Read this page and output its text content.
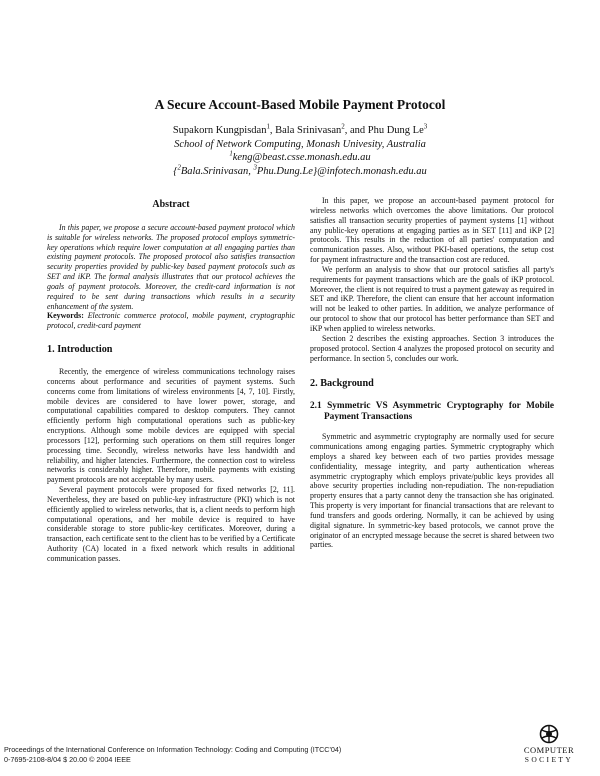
A Secure Account-Based Mobile Payment Protocol
Supakorn Kungpisdan$^1$, Bala Srinivasan$^2$, and Phu Dung Le$^3$
School of Network Computing, Monash Univesity, Australia
$^1$keng@beast.csse.monash.edu.au
{$^2$Bala.Srinivasan, $^3$Phu.Dung.Le}@infotech.monash.edu.au
Abstract

In this paper, we propose a secure account-based payment protocol which is suitable for wireless networks. The proposed protocol employs symmetric-key operations which require lower computation at all engaging parties than existing payment protocols. The proposed protocol also satisfies transaction security properties provided by public-key based payment protocols such as SET and iKP. The formal analysis illustrates that our protocol achieves the goals of payment protocols. Moreover, the credit-card information is not required to be sent during transactions which results in a security enhancement of the system.

Keywords: Electronic commerce protocol, mobile payment, cryptographic protocol, credit-card payment

1. Introduction

Recently, the emergence of wireless communications technology raises concerns about performance and securities of payment systems. Such concerns come from limitations of wireless environments [4, 7, 10]. Firstly, mobile devices are considered to have lower power, storage, and computational capabilities compared to desktop computers. They cannot efficiently perform high computational operations such as public-key encryptions. Although some mobile devices are equipped with special processors [12], performing such operations on them still requires longer processing time. Secondly, wireless networks have less handwidth and reliability, and higher latencies. Furthermore, the connection cost to wireless networks is considerably higher. Therefore, mobile payments with existing payment protocols are not acceptable by many users.

Several payment protocols were proposed for fixed networks [2, 11]. Nevertheless, they are based on public-key infrastructure (PKI) which is not efficiently applied to wireless networks, that is, a client needs to perform high computational operations, and her mobile device is required to have considerable storage to store public-key certificates. Moreover, during a transaction, each certificate sent to the client has to be verified by a Certificate Authority (CA) located in a fixed network which results in additional communication passes.

In this paper, we propose an account-based payment protocol for wireless networks which overcomes the above limitations. Our protocol satisfies all transaction security properties of payment systems [1] without any public-key operations at engaging parties as in SET [11] and iKP [2] protocols. This results in the reduction of all parties' computation and communication passes. Also, without PKI-based operations, the setup cost for payment infrastructure and the transaction cost are reduced.

We perform an analysis to show that our protocol satisfies all party's requirements for payment transactions which are the goals of iKP protocol. Moreover, the client is not required to trust a payment gateway as required in SET and iKP. Therefore, the client can ensure that her account information will not be leaked to other parties. In addition, we analyze performance of our protocol to show that our protocol has better performance than SET and iKP when applied to wireless networks.

Section 2 describes the existing approaches. Section 3 introduces the proposed protocol. Section 4 analyzes the proposed protocol on security and performance. In section 5, concludes our work.

2. Background
2.1 Symmetric VS Asymmetric Cryptography for Mobile Payment Transactions

Symmetric and asymmetric cryptography are normally used for secure communications among engaging parties. Symmetric cryptography which employs a shared key between each of two parties provides message confidentiality, message integrity, and party authentication whereas asymmetric cryptography which employs private/public keys provides all above security properties including non-repudiation. The non-repudiation property ensures that a party cannot deny the transaction she has originated. This property is very important for financial transactions that are relevant to fund transfers and goods ordering. Normally, it can be achieved by using digital signature. In symmetric-key based protocols, we cannot prove the originator of an encrypted message because the secret is shared between two parties.

Proceedings of the International Conference on Information Technology: Coding and Computing (ITCC'04)
0-7695-2108-8/04 $ 20.00 © 2004 IEEE
COMPUTER
SOCIETY
